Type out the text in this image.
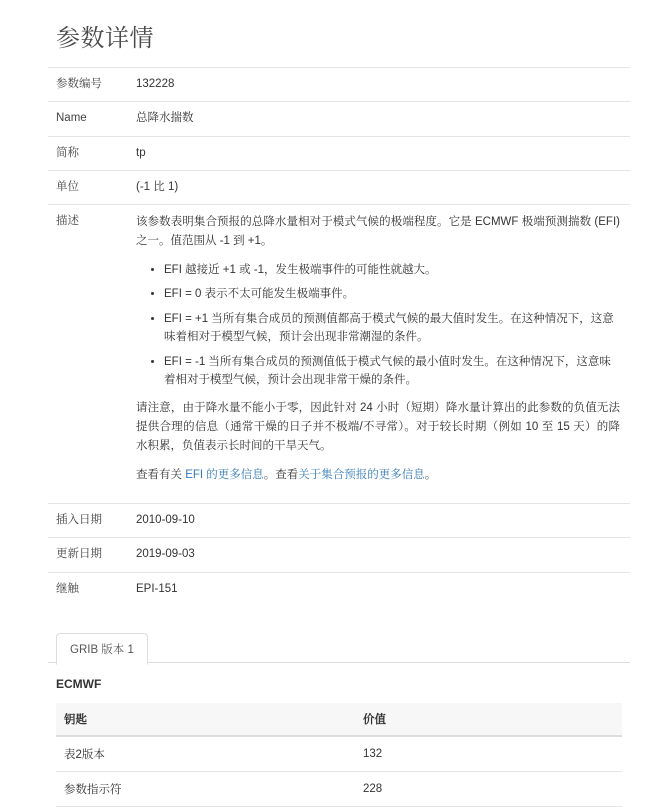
参数详情
参数编号	132228
Name	总降水揣数
简称	tp
单位	(-1 比 1)
描述	该参数表明集合预报的总降水量相对于模式气候的极端程度。它是 ECMWF 极端预测揣数 (EFI) 之一。值范围从 -1 到 +1。

• EFI 越接近 +1 或 -1，发生极端事件的可能性就越大。
• EFI = 0 表示不太可能发生极端事件。
• EFI = +1 当所有集合成员的预测值都高于模式气候的最大值时发生。在这种情况下，这意味着相对于模型气候，预计会出现非常潮湿的条件。
• EFI = -1 当所有集合成员的预测值低于模式气候的最小值时发生。在这种情况下，这意味着相对于模型气候，预计会出现非常干燥的条件。

请注意，由于降水量不能小于零，因此针对 24 小时（短期）降水量计算出的此参数的负值无法提供合理的信息（通常干燥的日子并不极端/不寻常）。对于较长时期（例如 10 至 15 天）的降水积累，负值表示长时间的干旱天气。

查看有关 EFI 的更多信息。查看关于集合预报的更多信息。

插入日期	2010-09-10
更新日期	2019-09-03
继触	EPI-151
GRIB 版本 1
ECMWF
钥匙	价值
表2版本	132
参数指示符	228
